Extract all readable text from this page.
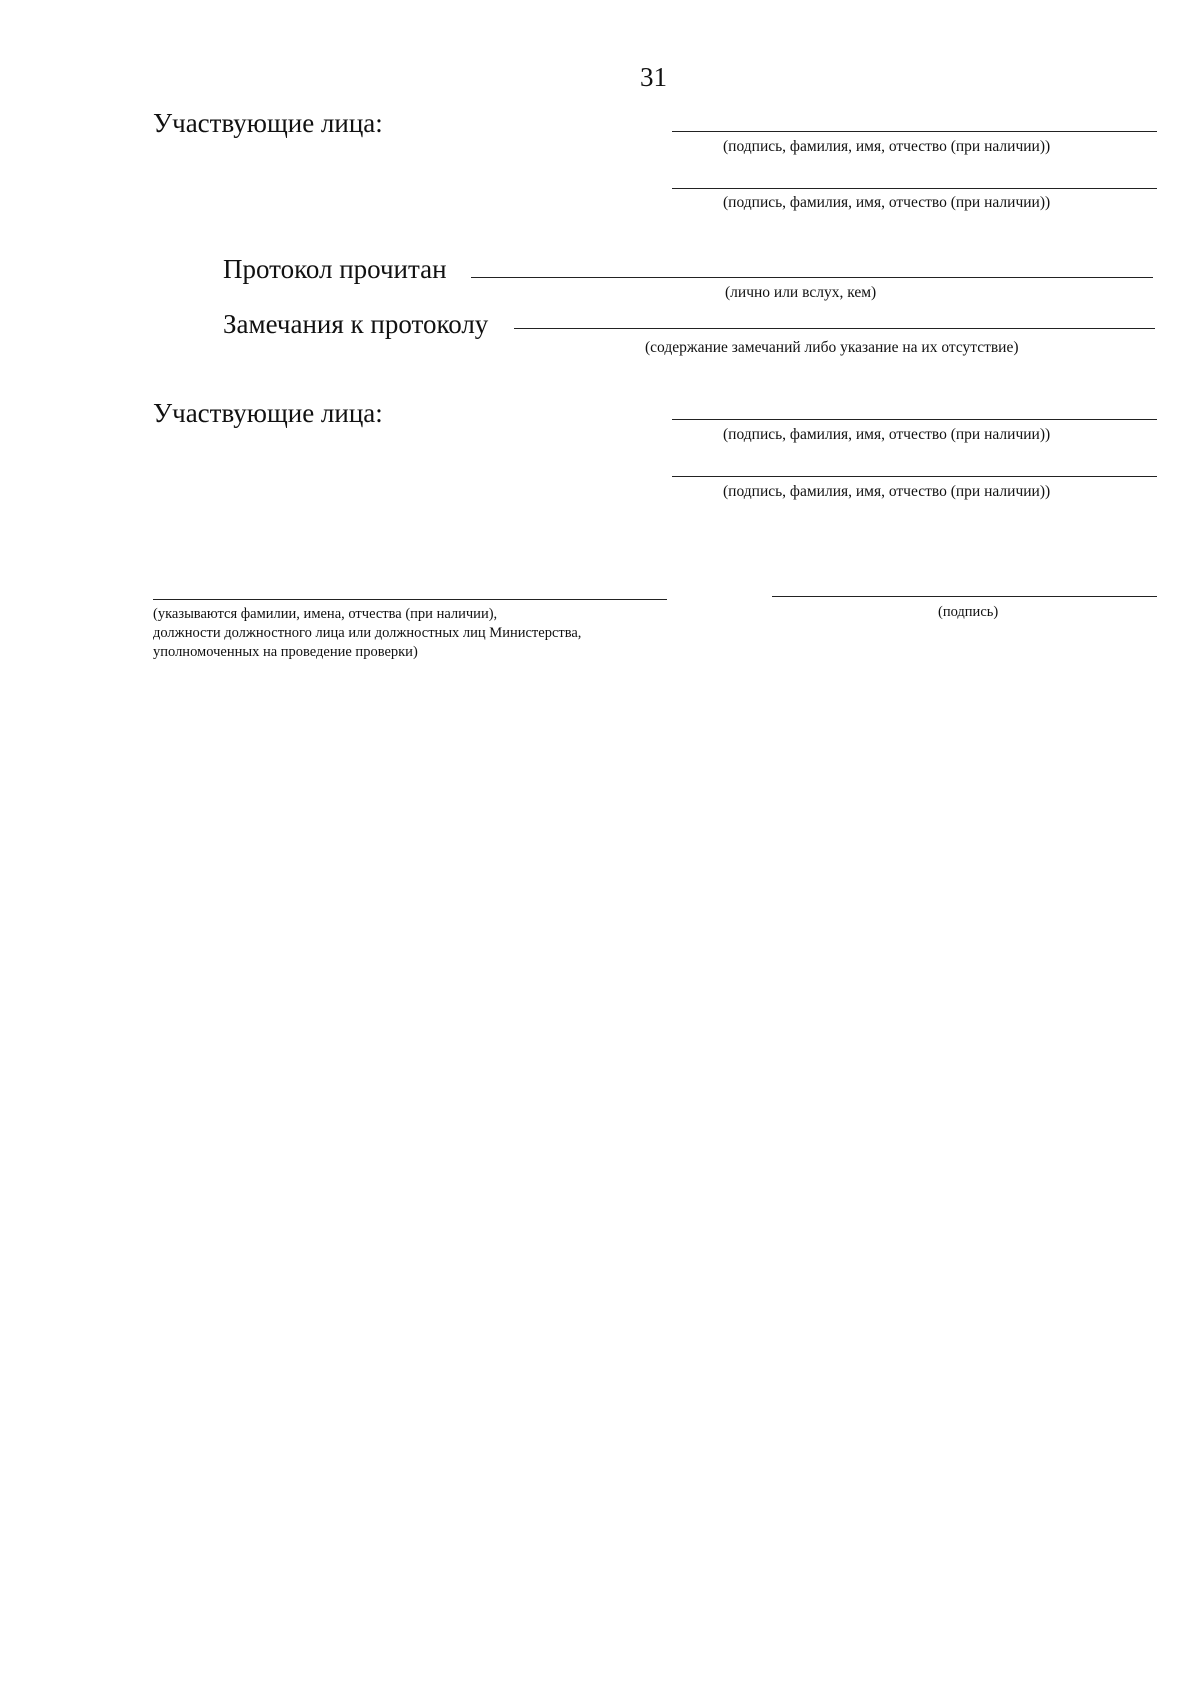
31
Участвующие лица:
(подпись, фамилия, имя, отчество (при наличии))
(подпись, фамилия, имя, отчество (при наличии))
Протокол прочитан
(лично или вслух, кем)
Замечания к протоколу
(содержание замечаний либо указание на их отсутствие)
Участвующие лица:
(подпись, фамилия, имя, отчество (при наличии))
(подпись, фамилия, имя, отчество (при наличии))
(указываются фамилии, имена, отчества (при наличии),
должности должностного лица или должностных лиц Министерства,
уполномоченных на проведение проверки)
(подпись)
